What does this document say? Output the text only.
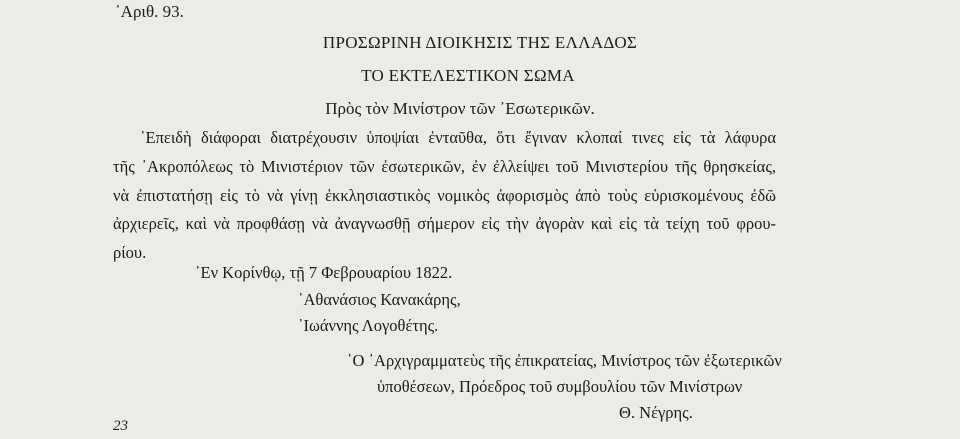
᾽Αριθ. 93.

ΠΡΟΣΩΡΙΝΗ ΔΙΟΙΚΗΣΙΣ ΤΗΣ ΕΛΛΑΔΟΣ

ΤΟ ΕΚΤΕΛΕΣΤΙΚΟΝ ΣΩΜΑ

Πρὸς τὸν Μινίστρον τῶν ᾽Εσωτερικῶν.

᾽Επειδὴ διάφοραι διατρέχουσιν ὑποψίαι ἐνταῦθα, ὅτι ἔγιναν κλοπαί τινες εἰς τὰ λάφυρα

τῆς ᾽Ακροπόλεως τὸ Μινιστέριον τῶν ἐσωτερικῶν, ἐν ἐλλείψει τοῦ Μινιστερίου τῆς θρησκείας,

νὰ ἐπιστατήσῃ εἰς τὸ νὰ γίνῃ ἐκκλησιαστικὸς νομικὸς ἀφορισμὸς ἀπὸ τοὺς εὑρισκομένους ἐδῶ

ἀρχιερεῖς, καὶ νὰ προφθάσῃ νὰ ἀναγνωσθῇ σήμερον εἰς τὴν ἀγορὰν καὶ εἰς τὰ τείχη τοῦ φρου-

ρίου.

᾽Εν Κορίνθῳ, τῇ 7 Φεβρουαρίου 1822.

᾽Αθανάσιος Κανακάρης,

᾽Ιωάννης Λογοθέτης.

῾Ο ᾽Αρχιγραμματεὺς τῆς ἐπικρατείας, Μινίστρος τῶν ἐξωτερικῶν

ὑποθέσεων, Πρόεδρος τοῦ συμβουλίου τῶν Μινίστρων

Θ. Νέγρης.

23
